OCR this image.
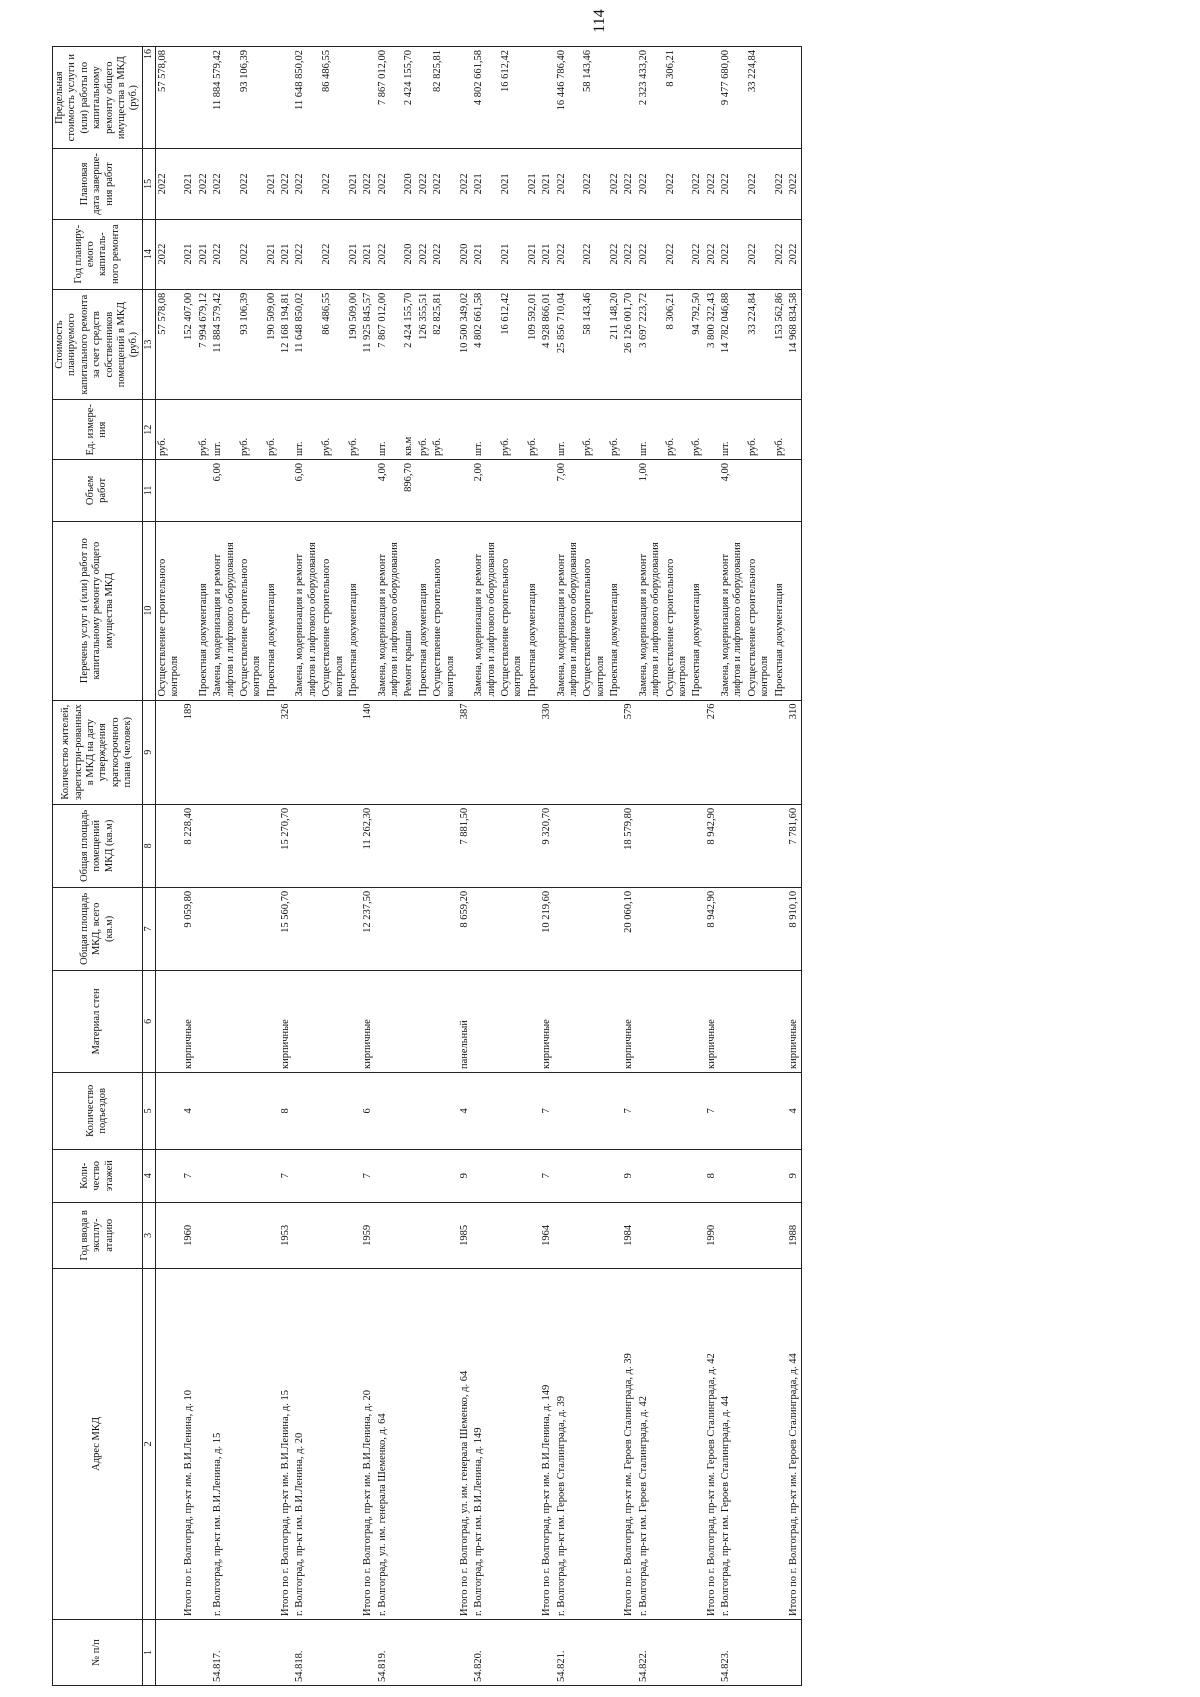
114
№ п/п	Адрес МКД	Год ввода в эксплу-атацию	Коли-чество этажей	Количество подъездов	Материал стен	Общая площадь МКД, всего (кв.м)	Общая площадь помещений МКД (кв.м)	Количество жителей, зарегистри-рованных в МКД на дату утверждения краткосрочного плана (человек)	Перечень услуг и (или) работ по капитальному ремонту общего имущества МКД	Объем работ	Ед. измере-ния	Стоимость планируемого капитального ремонта за счет средств собственников помещений в МКД (руб.)	Год планиру-емого капиталь-ного ремонта	Плановая дата заверше-ния работ	Предельная стоимость услуги и (или) работы по капитальному ремонту общего имущества в МКД (руб.)
1	2	3	4	5	6	7	8	9	10	11	12	13	14	15	16
									Осуществление строительного контроля		руб.	57 578,08	2022	2022	57 578,08
	Итого по г. Волгоград, пр-кт им. В.И.Ленина, д. 10	1960	7	4	кирпичные	9 059,80	8 228,40	189				152 407,00	2021	2021	
									Проектная документация		руб.	7 994 679,12	2021	2022	
54.817.	г. Волгоград, пр-кт им. В.И.Ленина, д. 15								Замена, модернизация и ремонт лифтов и лифтового оборудования	6,00	шт.	11 884 579,42	2022	2022	11 884 579,42
									Осуществление строительного контроля		руб.	93 106,39	2022	2022	93 106,39
									Проектная документация		руб.	190 509,00	2021	2021	
	Итого по г. Волгоград, пр-кт им. В.И.Ленина, д. 15	1953	7	8	кирпичные	15 560,70	15 270,70	326				12 168 194,81	2021	2022	
54.818.	г. Волгоград, пр-кт им. В.И.Ленина, д. 20								Замена, модернизация и ремонт лифтов и лифтового оборудования	6,00	шт.	11 648 850,02	2022	2022	11 648 850,02
									Осуществление строительного контроля		руб.	86 486,55	2022	2022	86 486,55
									Проектная документация		руб.	190 509,00	2021	2021	
	Итого по г. Волгоград, пр-кт им. В.И.Ленина, д. 20	1959	7	6	кирпичные	12 237,50	11 262,30	140				11 925 845,57	2021	2022	
54.819.	г. Волгоград, ул. им. генерала Шеменко, д. 64								Замена, модернизация и ремонт лифтов и лифтового оборудования	4,00	шт.	7 867 012,00	2022	2022	7 867 012,00
									Ремонт крыши	896,70	кв.м	2 424 155,70	2020	2020	2 424 155,70
									Проектная документация		руб.	126 355,51	2022	2022	
									Осуществление строительного контроля		руб.	82 825,81	2022	2022	82 825,81
	Итого по г. Волгоград, ул. им. генерала Шеменко, д. 64	1985	9	4	панельный	8 659,20	7 881,50	387				10 500 349,02	2020	2022	
54.820.	г. Волгоград, пр-кт им. В.И.Ленина, д. 149								Замена, модернизация и ремонт лифтов и лифтового оборудования	2,00	шт.	4 802 661,58	2021	2021	4 802 661,58
									Осуществление строительного контроля		руб.	16 612,42	2021	2021	16 612,42
									Проектная документация		руб.	109 592,01	2021	2021	
	Итого по г. Волгоград, пр-кт им. В.И.Ленина, д. 149	1964	7	7	кирпичные	10 219,60	9 320,70	330				4 928 866,01	2021	2021	
54.821.	г. Волгоград, пр-кт им. Героев Сталинграда, д. 39								Замена, модернизация и ремонт лифтов и лифтового оборудования	7,00	шт.	25 856 710,04	2022	2022	16 446 786,40
									Осуществление строительного контроля		руб.	58 143,46	2022	2022	58 143,46
									Проектная документация		руб.	211 148,20	2022	2022	
	Итого по г. Волгоград, пр-кт им. Героев Сталинграда, д. 39	1984	9	7	кирпичные	20 060,10	18 579,80	579				26 126 001,70	2022	2022	
54.822.	г. Волгоград, пр-кт им. Героев Сталинграда, д. 42								Замена, модернизация и ремонт лифтов и лифтового оборудования	1,00	шт.	3 697 223,72	2022	2022	2 323 433,20
									Осуществление строительного контроля		руб.	8 306,21	2022	2022	8 306,21
									Проектная документация		руб.	94 792,50	2022	2022	
	Итого по г. Волгоград, пр-кт им. Героев Сталинграда, д. 42	1990	8	7	кирпичные	8 942,90	8 942,90	276				3 800 322,43	2022	2022	
54.823.	г. Волгоград, пр-кт им. Героев Сталинграда, д. 44								Замена, модернизация и ремонт лифтов и лифтового оборудования	4,00	шт.	14 782 046,88	2022	2022	9 477 680,00
									Осуществление строительного контроля		руб.	33 224,84	2022	2022	33 224,84
									Проектная документация		руб.	153 562,86	2022	2022	
	Итого по г. Волгоград, пр-кт им. Героев Сталинграда, д. 44	1988	9	4	кирпичные	8 910,10	7 781,60	310				14 968 834,58	2022	2022	
